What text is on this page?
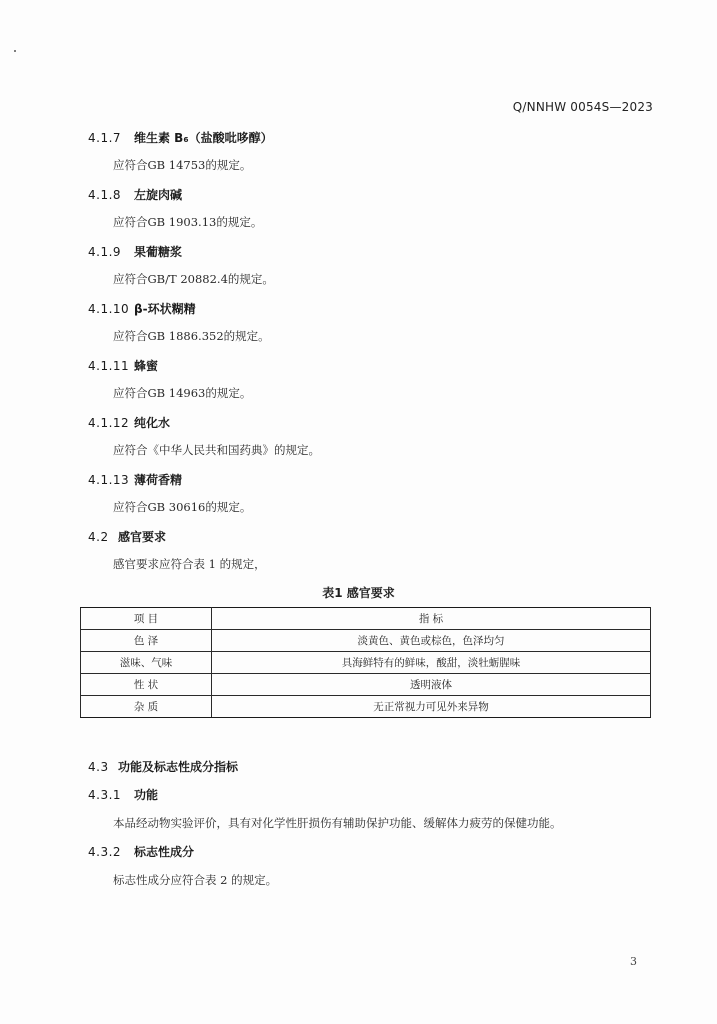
Q/NNHW 0054S—2023
4.1.7 维生素 B₆（盐酸吡哆醇）
应符合GB 14753的规定。
4.1.8 左旋肉碱
应符合GB 1903.13的规定。
4.1.9 果葡糖浆
应符合GB/T 20882.4的规定。
4.1.10 β-环状糊精
应符合GB 1886.352的规定。
4.1.11 蜂蜜
应符合GB 14963的规定。
4.1.12 纯化水
应符合《中华人民共和国药典》的规定。
4.1.13 薄荷香精
应符合GB 30616的规定。
4.2 感官要求
感官要求应符合表 1 的规定，
表1 感官要求
项 目	指 标
色 泽	淡黄色、黄色或棕色，色泽均匀
滋味、气味	具海鲜特有的鲜味，酸甜，淡牡蛎腥味
性 状	透明液体
杂 质	无正常视力可见外来异物
4.3 功能及标志性成分指标
4.3.1 功能
本品经动物实验评价，具有对化学性肝损伤有辅助保护功能、缓解体力疲劳的保健功能。
4.3.2 标志性成分
标志性成分应符合表 2 的规定。
3
